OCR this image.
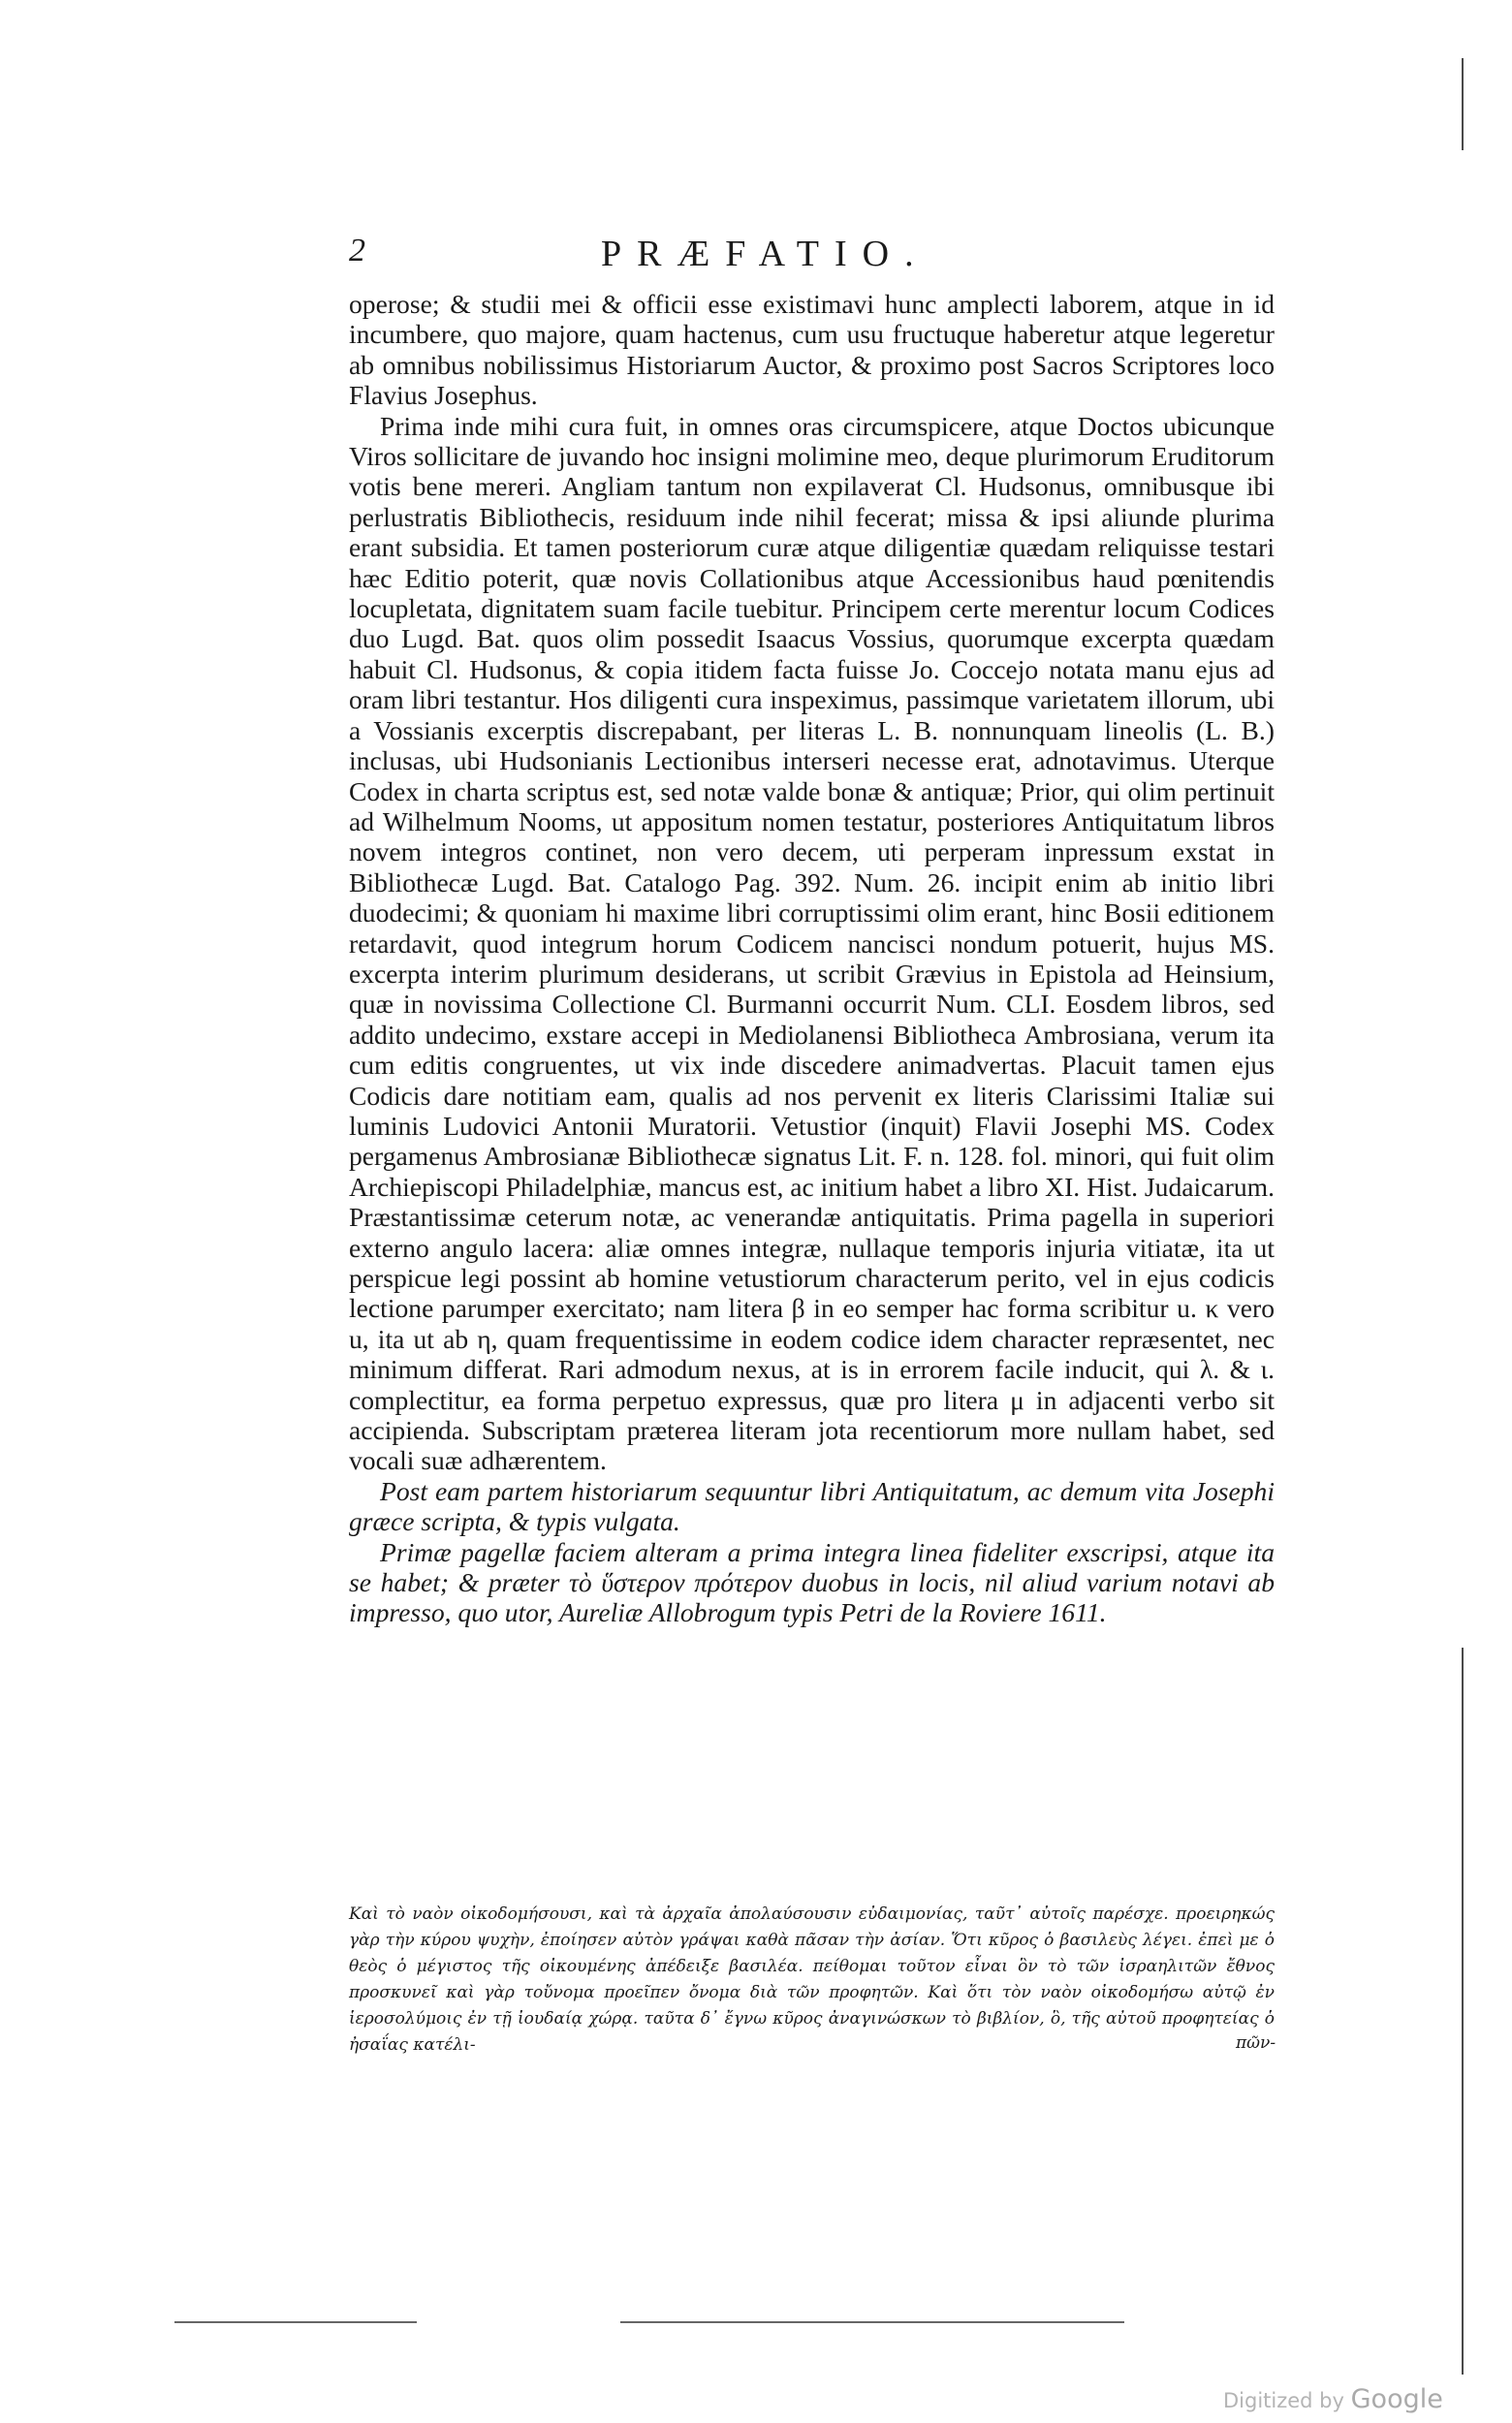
2	PRÆFATIO.

operose; & studii mei & officii esse existimavi hunc amplecti laborem, atque in id incumbere, quo majore, quam hactenus, cum usu fructuque haberetur atque legeretur ab omnibus nobilissimus Historiarum Auctor, & proximo post Sacros Scriptores loco Flavius Josephus.

Prima inde mihi cura fuit, in omnes oras circumspicere, atque Doctos ubicunque Viros sollicitare de juvando hoc insigni molimine meo, deque plurimorum Eruditorum votis bene mereri. Angliam tantum non expilaverat Cl. Hudsonus, omnibusque ibi perlustratis Bibliothecis, residuum inde nihil fecerat; missa & ipsi aliunde plurima erant subsidia. Et tamen posteriorum curæ atque diligentiæ quædam reliquisse testari hæc Editio poterit, quæ novis Collationibus atque Accessionibus haud pœnitendis locupletata, dignitatem suam facile tuebitur. Principem certe merentur locum Codices duo Lugd. Bat. quos olim possedit Isaacus Vossius, quorumque excerpta quædam habuit Cl. Hudsonus, & copia itidem facta fuisse Jo. Coccejo notata manu ejus ad oram libri testantur. Hos diligenti cura inspeximus, passimque varietatem illorum, ubi a Vossianis excerptis discrepabant, per literas L. B. nonnunquam lineolis (L. B.) inclusas, ubi Hudsonianis Lectionibus interseri necesse erat, adnotavimus. Uterque Codex in charta scriptus est, sed notæ valde bonæ & antiquæ; Prior, qui olim pertinuit ad Wilhelmum Nooms, ut appositum nomen testatur, posteriores Antiquitatum libros novem integros continet, non vero decem, uti perperam inpressum exstat in Bibliothecæ Lugd. Bat. Catalogo Pag. 392. Num. 26. incipit enim ab initio libri duodecimi; & quoniam hi maxime libri corruptissimi olim erant, hinc Bosii editionem retardavit, quod integrum horum Codicem nancisci nondum potuerit, hujus MS. excerpta interim plurimum desiderans, ut scribit Grævius in Epistola ad Heinsium, quæ in novissima Collectione Cl. Burmanni occurrit Num. CLI. Eosdem libros, sed addito undecimo, exstare accepi in Mediolanensi Bibliotheca Ambrosiana, verum ita cum editis congruentes, ut vix inde discedere animadvertas. Placuit tamen ejus Codicis dare notitiam eam, qualis ad nos pervenit ex literis Clarissimi Italiæ sui luminis Ludovici Antonii Muratorii. Vetustior (inquit) Flavii Josephi MS. Codex pergamenus Ambrosianæ Bibliothecæ signatus Lit. F. n. 128. fol. minori, qui fuit olim Archiepiscopi Philadelphiæ, mancus est, ac initium habet a libro XI. Hist. Judaicarum. Præstantissimæ ceterum notæ, ac venerandæ antiquitatis. Prima pagella in superiori externo angulo lacera: aliæ omnes integræ, nullaque temporis injuria vitiatæ, ita ut perspicue legi possint ab homine vetustiorum characterum perito, vel in ejus codicis lectione parumper exercitato; nam litera β in eo semper hac forma scribitur u. κ vero u, ita ut ab η, quam frequentissime in eodem codice idem character repræsentet, nec minimum differat. Rari admodum nexus, at is in errorem facile inducit, qui λ. & ι. complectitur, ea forma perpetuo expressus, quæ pro litera μ in adjacenti verbo sit accipienda. Subscriptam præterea literam jota recentiorum more nullam habet, sed vocali suæ adhærentem.

Post eam partem historiarum sequuntur libri Antiquitatum, ac demum vita Josephi græce scripta, & typis vulgata.

Primæ pagellæ faciem alteram a prima integra linea fideliter exscripsi, atque ita se habet; & præter τὸ ὕστερον πρότερον duobus in locis, nil aliud varium notavi ab impresso, quo utor, Aureliæ Allobrogum typis Petri de la Roviere 1611.

Καὶ τὸ ναὸν οἰκοδομήσουσι, καὶ τὰ ἀρχαῖα ἀπολαύσουσιν εὐδαιμονίας, ταῦτ᾽ αὐτοῖς παρέσχε. προειρηκώς γὰρ τὴν κύρου ψυχὴν, ἐποίησεν αὐτὸν γράψαι καθὰ πᾶσαν τὴν ἀσίαν. Ὅτι κῦρος ὁ βασιλεὺς λέγει. ἐπεὶ με ὁ θεὸς ὁ μέγιστος τῆς οἰκουμένης ἀπέδειξε βασιλέα. πείθομαι τοῦτον εἶναι ὃν τὸ τῶν ἰσραηλιτῶν ἔθνος προσκυνεῖ καὶ γὰρ τοὔνομα προεῖπεν ὄνομα διὰ τῶν προφητῶν. Καὶ ὅτι τὸν ναὸν οἰκοδομήσω αὐτῷ ἐν ἱεροσολύμοις ἐν τῇ ἰουδαίᾳ χώρᾳ. ταῦτα δ᾽ ἔγνω κῦρος ἀναγινώσκων τὸ βιβλίον, ὃ, τῆς αὐτοῦ προφητείας ὁ ἠσαΐας κατέλι-	πῶν-
Digitized by Google
